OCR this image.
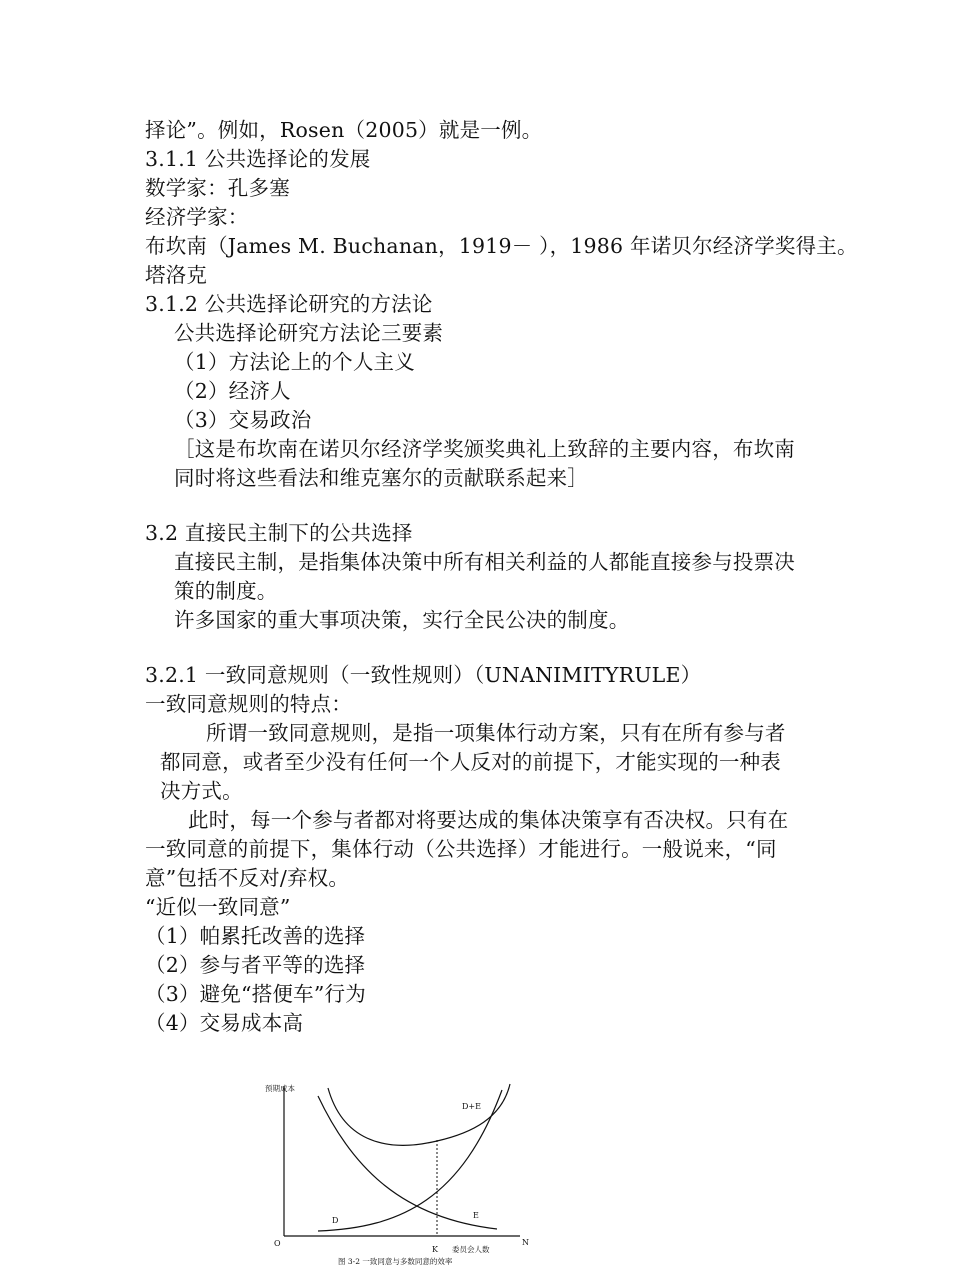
择论”。例如，Rosen（2005）就是一例。
3.1.1 公共选择论的发展
数学家：孔多塞
经济学家：
布坎南（James M. Buchanan，1919－ ），1986 年诺贝尔经济学奖得主。
塔洛克
3.1.2 公共选择论研究的方法论
公共选择论研究方法论三要素
（1）方法论上的个人主义
（2）经济人
（3）交易政治
［这是布坎南在诺贝尔经济学奖颁奖典礼上致辞的主要内容，布坎南
同时将这些看法和维克塞尔的贡献联系起来］
3.2 直接民主制下的公共选择
直接民主制，是指集体决策中所有相关利益的人都能直接参与投票决
策的制度。
许多国家的重大事项决策，实行全民公决的制度。
3.2.1 一致同意规则（一致性规则）（UNANIMITYRULE）
一致同意规则的特点：
所谓一致同意规则，是指一项集体行动方案，只有在所有参与者
都同意，或者至少没有任何一个人反对的前提下，才能实现的一种表
决方式。
此时，每一个参与者都对将要达成的集体决策享有否决权。只有在
一致同意的前提下，集体行动（公共选择）才能进行。一般说来，“同
意”包括不反对/弃权。
“近似一致同意”
（1）帕累托改善的选择
（2）参与者平等的选择
（3）避免“搭便车”行为
（4）交易成本高
预期成本
O	N
D+E
D
E
K 委员会人数
图 3-2 一致同意与多数同意的效率
